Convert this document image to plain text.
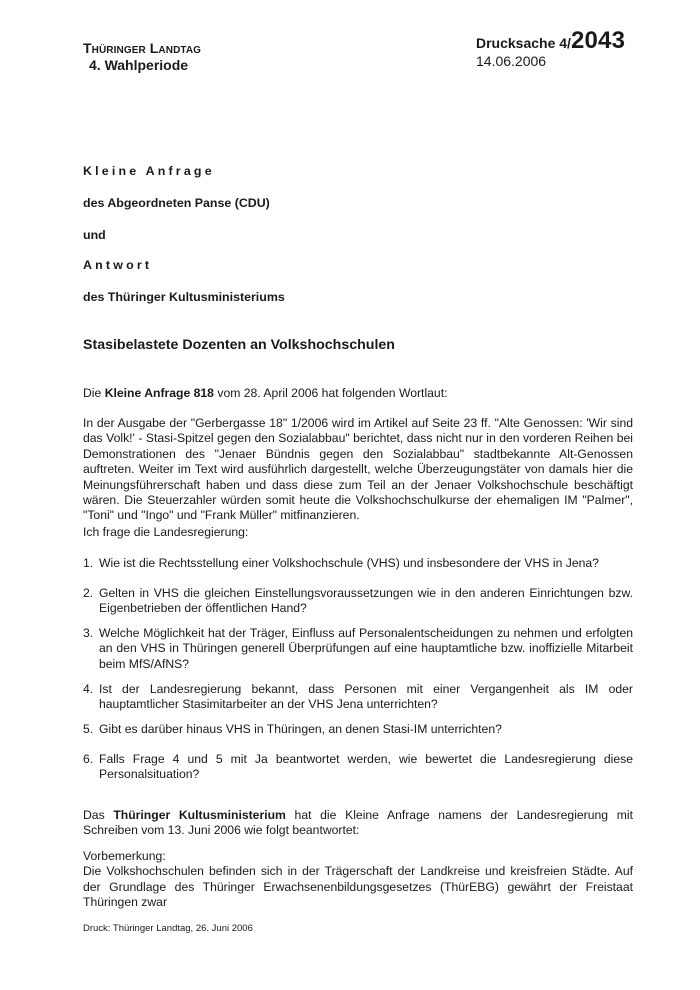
Thüringer Landtag
4. Wahlperiode
Drucksache 4/2043
14.06.2006
Kleine Anfrage
des Abgeordneten Panse (CDU)
und
Antwort
des Thüringer Kultusministeriums
Stasibelastete Dozenten an Volkshochschulen
Die Kleine Anfrage 818 vom 28. April 2006 hat folgenden Wortlaut:
In der Ausgabe der "Gerbergasse 18" 1/2006 wird im Artikel auf Seite 23 ff. "Alte Genossen: 'Wir sind das Volk!' - Stasi-Spitzel gegen den Sozialabbau" berichtet, dass nicht nur in den vorderen Reihen bei Demonstrationen des "Jenaer Bündnis gegen den Sozialabbau" stadtbekannte Alt-Genossen auftreten. Weiter im Text wird ausführlich dargestellt, welche Überzeugungstäter von damals hier die Meinungsführerschaft haben und dass diese zum Teil an der Jenaer Volkshochschule beschäftigt wären. Die Steuerzahler würden somit heute die Volkshochschulkurse der ehemaligen IM "Palmer", "Toni" und "Ingo" und "Frank Müller" mitfinanzieren.
Ich frage die Landesregierung:
1. Wie ist die Rechtsstellung einer Volkshochschule (VHS) und insbesondere der VHS in Jena?
2. Gelten in VHS die gleichen Einstellungsvoraussetzungen wie in den anderen Einrichtungen bzw. Eigenbetrieben der öffentlichen Hand?
3. Welche Möglichkeit hat der Träger, Einfluss auf Personalentscheidungen zu nehmen und erfolgten an den VHS in Thüringen generell Überprüfungen auf eine hauptamtliche bzw. inoffizielle Mitarbeit beim MfS/AfNS?
4. Ist der Landesregierung bekannt, dass Personen mit einer Vergangenheit als IM oder hauptamtlicher Stasimitarbeiter an der VHS Jena unterrichten?
5. Gibt es darüber hinaus VHS in Thüringen, an denen Stasi-IM unterrichten?
6. Falls Frage 4 und 5 mit Ja beantwortet werden, wie bewertet die Landesregierung diese Personalsituation?
Das Thüringer Kultusministerium hat die Kleine Anfrage namens der Landesregierung mit Schreiben vom 13. Juni 2006 wie folgt beantwortet:
Vorbemerkung:
Die Volkshochschulen befinden sich in der Trägerschaft der Landkreise und kreisfreien Städte. Auf der Grundlage des Thüringer Erwachsenenbildungsgesetzes (ThürEBG) gewährt der Freistaat Thüringen zwar
Druck: Thüringer Landtag, 26. Juni 2006
